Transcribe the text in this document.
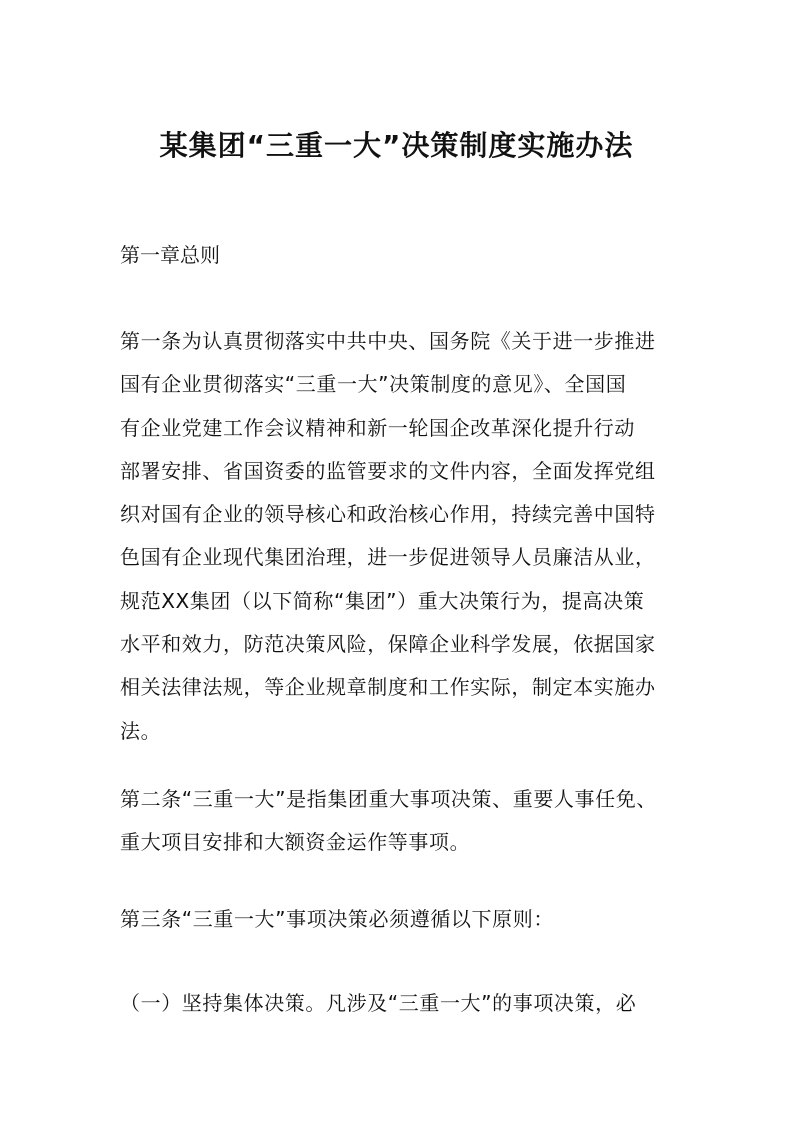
某集团“三重一大”决策制度实施办法

第一章总则

第一条为认真贯彻落实中共中央、国务院《关于进一步推进
国有企业贯彻落实“三重一大”决策制度的意见》、全国国
有企业党建工作会议精神和新一轮国企改革深化提升行动
部署安排、省国资委的监管要求的文件内容，全面发挥党组
织对国有企业的领导核心和政治核心作用，持续完善中国特
色国有企业现代集团治理，进一步促进领导人员廉洁从业，
规范XX集团（以下简称“集团”）重大决策行为，提高决策
水平和效力，防范决策风险，保障企业科学发展，依据国家
相关法律法规，等企业规章制度和工作实际，制定本实施办
法。
第二条“三重一大”是指集团重大事项决策、重要人事任免、
重大项目安排和大额资金运作等事项。

第三条“三重一大”事项决策必须遵循以下原则：

（一）坚持集体决策。凡涉及“三重一大”的事项决策，必
